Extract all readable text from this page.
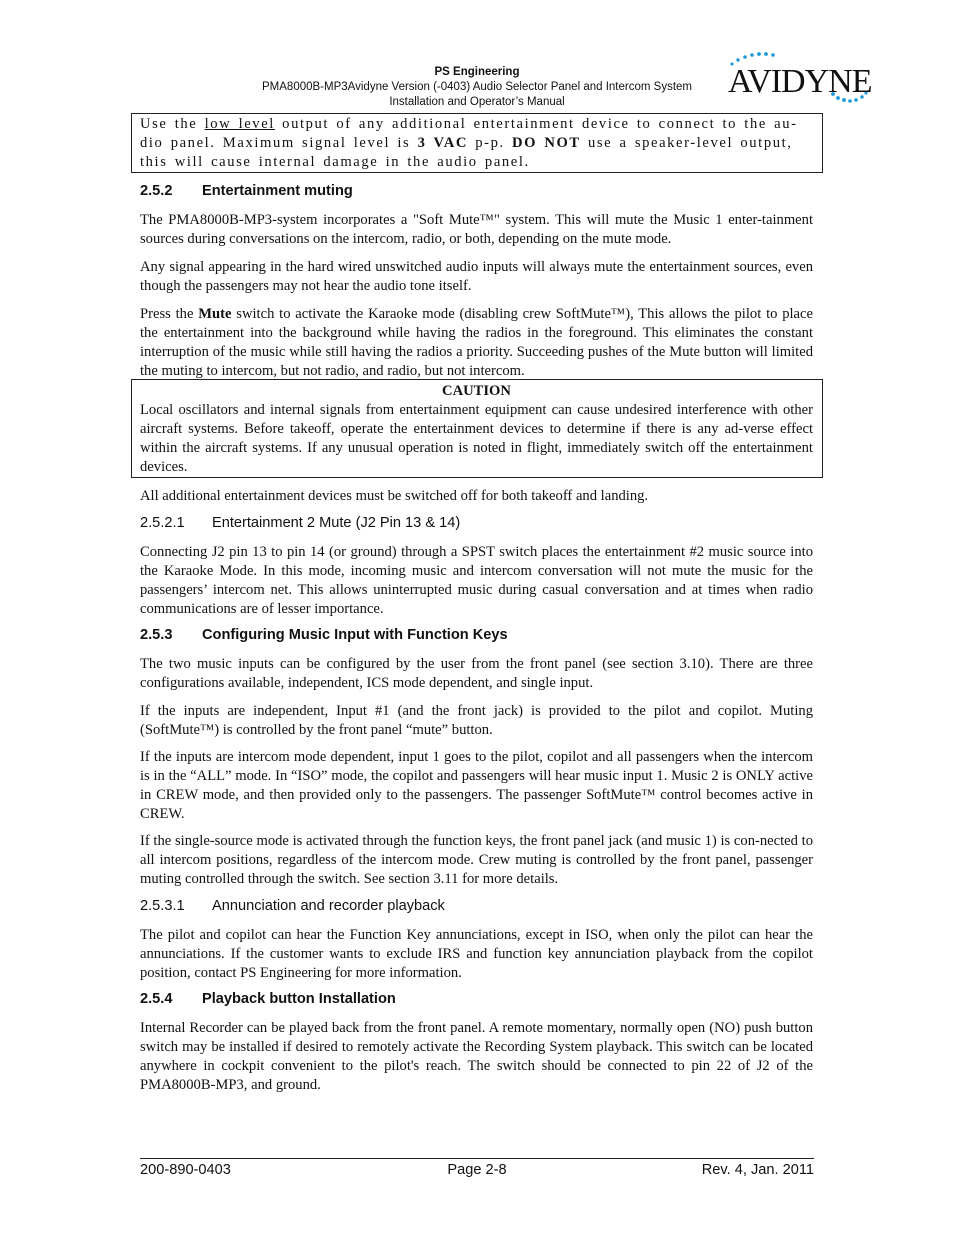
PS Engineering
PMA8000B-MP3Avidyne Version (-0403) Audio Selector Panel and Intercom System
Installation and Operator’s Manual
AVIDYNE
Use the low level output of any additional entertainment device to connect to the au-
dio panel. Maximum signal level is 3 VAC p-p. DO NOT use a speaker-level output,
this will cause internal damage in the audio panel.
2.5.2 Entertainment muting

The PMA8000B-MP3-system incorporates a "Soft Mute™" system. This will mute the Music 1 enter-tainment sources during conversations on the intercom, radio, or both, depending on the mute mode.

Any signal appearing in the hard wired unswitched audio inputs will always mute the entertainment sources, even though the passengers may not hear the audio tone itself.

Press the Mute switch to activate the Karaoke mode (disabling crew SoftMute™), This allows the pilot to place the entertainment into the background while having the radios in the foreground. This eliminates the constant interruption of the music while still having the radios a priority. Succeeding pushes of the Mute button will limited the muting to intercom, but not radio, and radio, but not intercom.

CAUTION

Local oscillators and internal signals from entertainment equipment can cause undesired interference with other aircraft systems. Before takeoff, operate the entertainment devices to determine if there is any ad-verse effect within the aircraft systems. If any unusual operation is noted in flight, immediately switch off the entertainment devices.

All additional entertainment devices must be switched off for both takeoff and landing.

2.5.2.1 Entertainment 2 Mute (J2 Pin 13 & 14)

Connecting J2 pin 13 to pin 14 (or ground) through a SPST switch places the entertainment #2 music source into the Karaoke Mode. In this mode, incoming music and intercom conversation will not mute the music for the passengers’ intercom net. This allows uninterrupted music during casual conversation and at times when radio communications are of lesser importance.

2.5.3 Configuring Music Input with Function Keys

The two music inputs can be configured by the user from the front panel (see section 3.10). There are three configurations available, independent, ICS mode dependent, and single input.

If the inputs are independent, Input #1 (and the front jack) is provided to the pilot and copilot. Muting (SoftMute™) is controlled by the front panel “mute” button.

If the inputs are intercom mode dependent, input 1 goes to the pilot, copilot and all passengers when the intercom is in the “ALL” mode. In “ISO” mode, the copilot and passengers will hear music input 1. Music 2 is ONLY active in CREW mode, and then provided only to the passengers. The passenger SoftMute™ control becomes active in CREW.

If the single-source mode is activated through the function keys, the front panel jack (and music 1) is con-nected to all intercom positions, regardless of the intercom mode. Crew muting is controlled by the front panel, passenger muting controlled through the switch. See section 3.11 for more details.

2.5.3.1 Annunciation and recorder playback

The pilot and copilot can hear the Function Key annunciations, except in ISO, when only the pilot can hear the annunciations. If the customer wants to exclude IRS and function key annunciation playback from the copilot position, contact PS Engineering for more information.

2.5.4 Playback button Installation

Internal Recorder can be played back from the front panel. A remote momentary, normally open (NO) push button switch may be installed if desired to remotely activate the Recording System playback. This switch can be located anywhere in cockpit convenient to the pilot's reach. The switch should be connected to pin 22 of J2 of the PMA8000B-MP3, and ground.

200-890-0403	Page 2-8	Rev. 4, Jan. 2011
